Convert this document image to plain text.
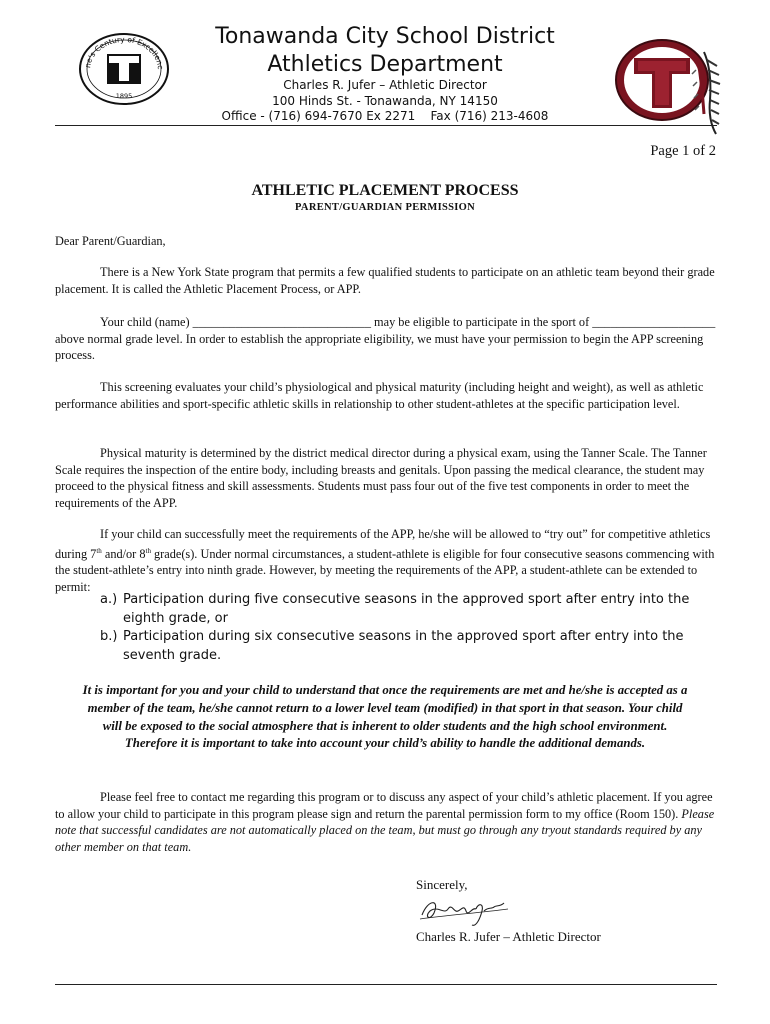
ne's Century of Excellenc
1895
Tonawanda City School District
Athletics Department
Charles R. Jufer – Athletic Director
100 Hinds St. - Tonawanda, NY 14150
Office - (716) 694-7670 Ex 2271    Fax (716) 213-4608
Page 1 of 2
ATHLETIC PLACEMENT PROCESS
PARENT/GUARDIAN PERMISSION
Dear Parent/Guardian,
There is a New York State program that permits a few qualified students to participate on an athletic team beyond their grade placement. It is called the Athletic Placement Process, or APP.
Your child (name) _____________________________ may be eligible to participate in the sport of ____________________ above normal grade level. In order to establish the appropriate eligibility, we must have your permission to begin the APP screening process.
This screening evaluates your child’s physiological and physical maturity (including height and weight), as well as athletic performance abilities and sport-specific athletic skills in relationship to other student-athletes at the specific participation level.
Physical maturity is determined by the district medical director during a physical exam, using the Tanner Scale. The Tanner Scale requires the inspection of the entire body, including breasts and genitals. Upon passing the medical clearance, the student may proceed to the physical fitness and skill assessments. Students must pass four out of the five test components in order to meet the requirements of the APP.
If your child can successfully meet the requirements of the APP, he/she will be allowed to “try out” for competitive athletics during 7th and/or 8th grade(s). Under normal circumstances, a student-athlete is eligible for four consecutive seasons commencing with the student-athlete’s entry into ninth grade. However, by meeting the requirements of the APP, a student-athlete can be extended to permit:
a.) Participation during five consecutive seasons in the approved sport after entry into the eighth grade, or
b.) Participation during six consecutive seasons in the approved sport after entry into the seventh grade.
It is important for you and your child to understand that once the requirements are met and he/she is accepted as a member of the team, he/she cannot return to a lower level team (modified) in that sport in that season. Your child will be exposed to the social atmosphere that is inherent to older students and the high school environment. Therefore it is important to take into account your child’s ability to handle the additional demands.
Please feel free to contact me regarding this program or to discuss any aspect of your child’s athletic placement. If you agree to allow your child to participate in this program please sign and return the parental permission form to my office (Room 150). Please note that successful candidates are not automatically placed on the team, but must go through any tryout standards required by any other member on that team.
Sincerely,
Charles R. Jufer – Athletic Director
